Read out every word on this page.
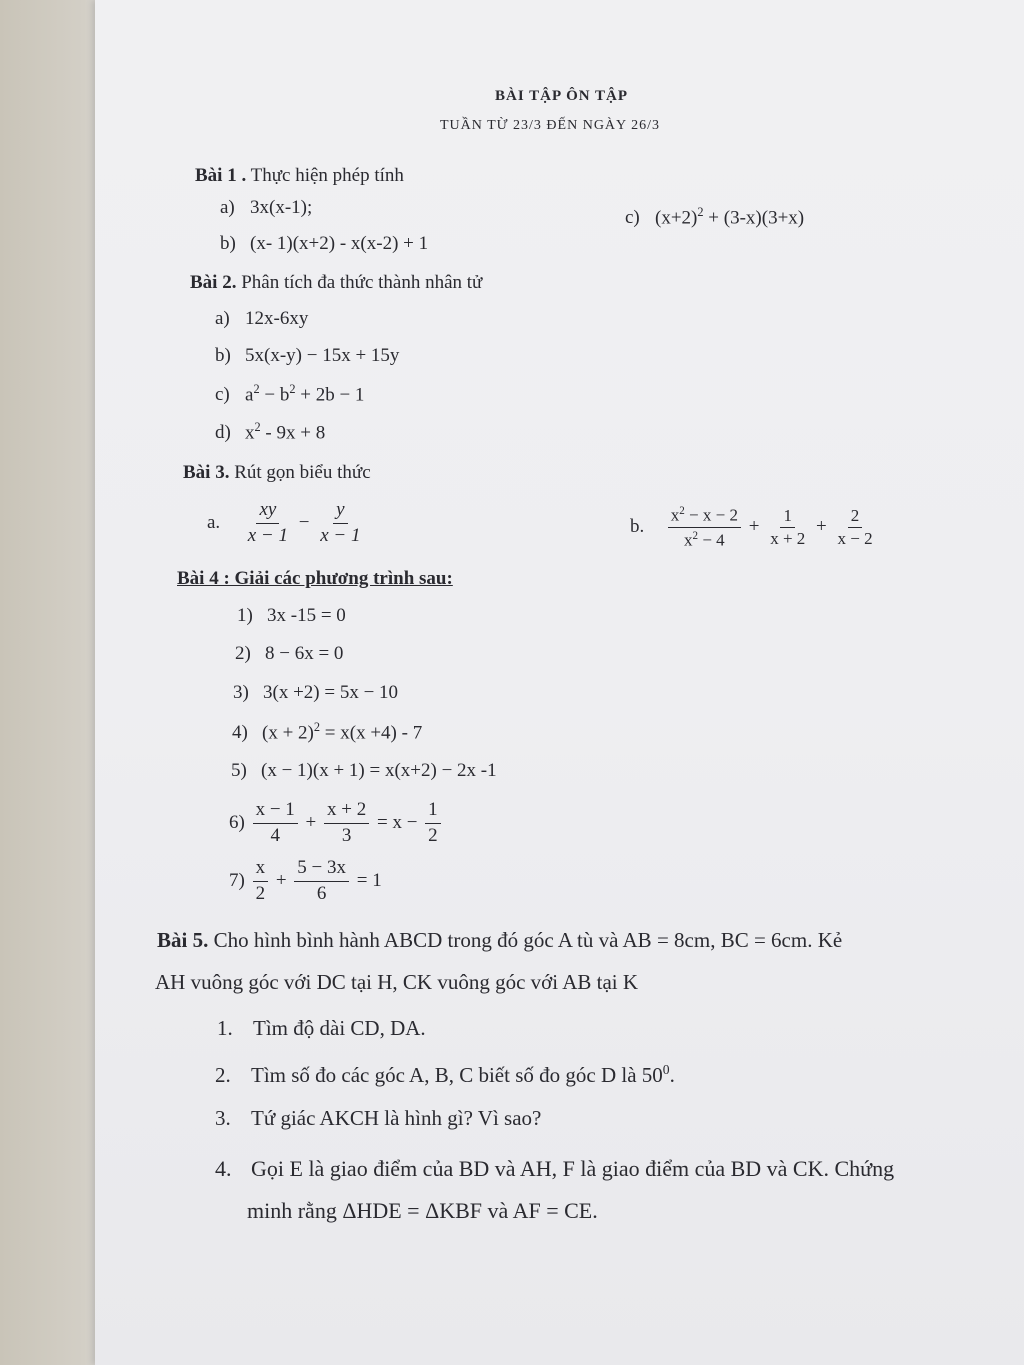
BÀI TẬP ÔN TẬP
TUẦN TỪ 23/3 ĐẾN NGÀY 26/3
Bài 1 . Thực hiện phép tính
a) 3x(x-1);
b) (x- 1)(x+2) - x(x-2) + 1
c) $(x+2)^2 + (3-x)(3+x)$
Bài 2. Phân tích đa thức thành nhân tử
a) 12x-6xy
b) 5x(x-y) − 15x + 15y
c) $a^2 - b^2 + 2b - 1$
d) $x^2 - 9x + 8$
Bài 3. Rút gọn biểu thức
a. $\frac{xy}{x - 1} - \frac{y}{x - 1}$	b. $\frac{x^2 - x - 2}{x^2 - 4} + \frac{1}{x + 2} + \frac{2}{x - 2}$
Bài 4 : Giải các phương trình sau:
1) 3x -15 = 0
2) 8 − 6x = 0
3) 3(x +2) = 5x − 10
4) $(x + 2)^2 = x(x +4) - 7$
5) (x − 1)(x + 1) = x(x+2) − 2x -1
$6) \frac{x - 1}{4} + \frac{x + 2}{3} = x - \frac{1}{2}$
$7) \frac{x}{2} + \frac{5 - 3x}{6} = 1$
Bài 5. Cho hình bình hành ABCD trong đó góc A tù và AB = 8cm, BC = 6cm. Kẻ
AH vuông góc với DC tại H, CK vuông góc với AB tại K
1. Tìm độ dài CD, DA.
2. Tìm số đo các góc A, B, C biết số đo góc D là $50^0$.
3. Tứ giác AKCH là hình gì? Vì sao?
4. Gọi E là giao điểm của BD và AH, F là giao điểm của BD và CK. Chứng
minh rằng ΔHDE = ΔKBF và AF = CE.
